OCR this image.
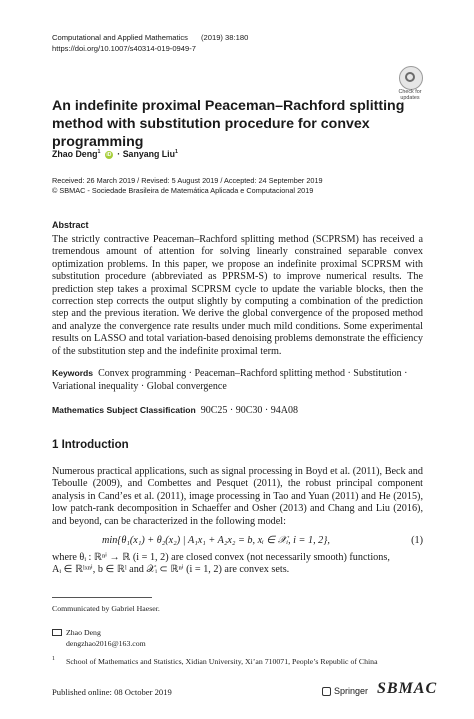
Computational and Applied Mathematics (2019) 38:180
https://doi.org/10.1007/s40314-019-0949-7
Check for
updates
An indefinite proximal Peaceman–Rachford splitting method with substitution procedure for convex programming
Zhao Deng$^1$ iD · Sanyang Liu$^1$
Received: 26 March 2019 / Revised: 5 August 2019 / Accepted: 24 September 2019
© SBMAC - Sociedade Brasileira de Matemática Aplicada e Computacional 2019
Abstract
The strictly contractive Peaceman–Rachford splitting method (SCPRSM) has received a tremendous amount of attention for solving linearly constrained separable convex optimization problems. In this paper, we propose an indefinite proximal SCPRSM with substitution procedure (abbreviated as PPRSM-S) to improve numerical results. The prediction step takes a proximal SCPRSM cycle to update the variable blocks, then the correction step corrects the output slightly by computing a combination of the prediction step and the previous iteration. We derive the global convergence of the proposed method and analyze the convergence rate results under much mild conditions. Some experimental results on LASSO and total variation-based denoising problems demonstrate the efficiency of the substitution step and the indefinite proximal term.
Keywords Convex programming · Peaceman–Rachford splitting method · Substitution · Variational inequality · Global convergence
Mathematics Subject Classification 90C25 · 90C30 · 94A08
1 Introduction
Numerous practical applications, such as signal processing in Boyd et al. (2011), Beck and Teboulle (2009), and Combettes and Pesquet (2011), the robust principal component analysis in Cand’es et al. (2011), image processing in Tao and Yuan (2011) and He (2015), low patch-rank decomposition in Schaeffer and Osher (2013) and Chang and Liu (2016), and beyond, can be characterized in the following model:
min{θ₁(x₁) + θ₂(x₂) | A₁x₁ + A₂x₂ = b, xᵢ ∈ 𝒳ᵢ, i = 1, 2},	(1)
where θᵢ : ℝⁿⁱ → ℝ (i = 1, 2) are closed convex (not necessarily smooth) functions,
Aᵢ ∈ ℝˡˣⁿⁱ, b ∈ ℝˡ and 𝒳ᵢ ⊂ ℝⁿⁱ (i = 1, 2) are convex sets.
Communicated by Gabriel Haeser.
Zhao Deng
dengzhao2016@163.com
1 School of Mathematics and Statistics, Xidian University, Xi’an 710071, People’s Republic of China
Published online: 08 October 2019	Springer SBMAC
